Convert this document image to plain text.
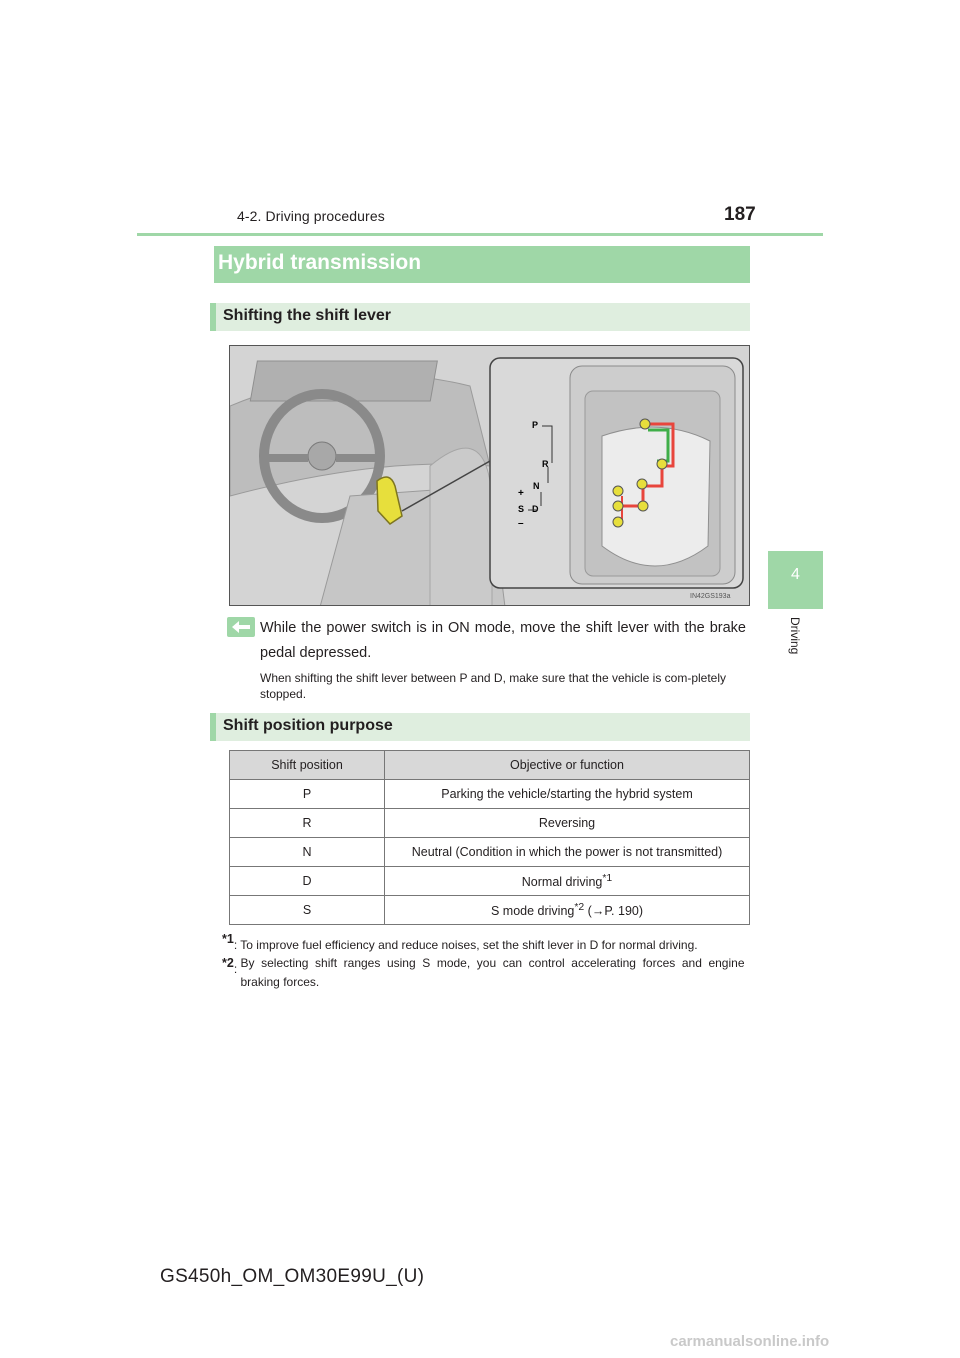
4-2. Driving procedures	187
4
Driving
Hybrid transmission
Shifting the shift lever
P
R
N
D
S
+
–
IN42GS193a
While the power switch is in ON mode, move the shift lever with the brake pedal depressed.
When shifting the shift lever between P and D, make sure that the vehicle is com-pletely stopped.
Shift position purpose
Shift position	Objective or function
P	Parking the vehicle/starting the hybrid system
R	Reversing
N	Neutral (Condition in which the power is not transmitted)
D	Normal driving$^{*1}$
S	S mode driving$^{*2}$ (→P. 190)
$^{*1}$: To improve fuel efficiency and reduce noises, set the shift lever in D for normal driving.
$^{*2}$: By selecting shift ranges using S mode, you can control accelerating forces and engine braking forces.
GS450h_OM_OM30E99U_(U)
carmanualsonline.info
